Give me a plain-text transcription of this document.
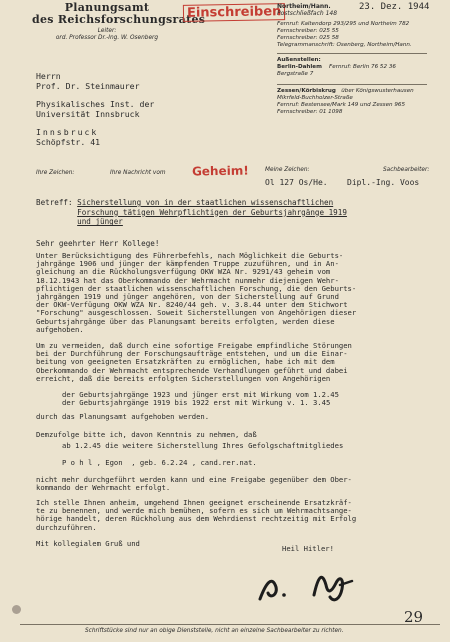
Planungsamt
des Reichsforschungsrates
Leiter:
ord. Professor Dr.-Ing. W. Osenberg
Einschreiben
Northeim/Hann.
Postschließfach 148
23. Dez. 1944
Fernruf: Kaltendorp 293/295 und Northeim 782
Fernschreiber: 025 55
Fernschreiber: 025 58
Telegrammanschrift: Osenberg, Northeim/Hann.
Außenstellen:
Berlin-Dahlem Fernruf: Berlin 76 52 36
Bergstraße 7
Zessen/Körbiskrug über Königswusterhausen
Mikrfeld-Buchholzer-Straße
Fernruf: Bestensee/Mark 149 und Zessen 965
Fernschreiber: 01 1098
Herrn
Prof. Dr. Steinmaurer
Physikalisches Inst. der
Universität Innsbruck
Innsbruck
Schöpfstr. 41
Ihre Zeichen:	Ihre Nachricht vom Geheim!	Meine Zeichen:	Sachbearbeiter:
Ol 127 Os/He. Dipl.-Ing. Voos
Betreff: Sicherstellung von in der staatlichen wissenschaftlichen
Forschung tätigen Wehrpflichtigen der Geburtsjahrgänge 1919
und jünger
Sehr geehrter Herr Kollege!
Unter Berücksichtigung des Führerbefehls, nach Möglichkeit die Geburts-
jahrgänge 1906 und jünger der kämpfenden Truppe zuzuführen, und in An-
gleichung an die Rückholungsverfügung OKW WZA Nr. 9291/43 geheim vom
18.12.1943 hat das Oberkommando der Wehrmacht nunmehr diejenigen Wehr-
pflichtigen der staatlichen wissenschaftlichen Forschung, die den Geburts-
jahrgängen 1919 und jünger angehören, von der Sicherstellung auf Grund
der OKW-Verfügung OKW WZA Nr. 8240/44 geh. v. 3.8.44 unter dem Stichwort
"Forschung" ausgeschlossen. Soweit Sicherstellungen von Angehörigen dieser
Geburtsjahrgänge über das Planungsamt bereits erfolgten, werden diese
aufgehoben.
Um zu vermeiden, daß durch eine sofortige Freigabe empfindliche Störungen
bei der Durchführung der Forschungsaufträge entstehen, und um die Einar-
beitung von geeigneten Ersatzkräften zu ermöglichen, habe ich mit dem
Oberkommando der Wehrmacht entsprechende Verhandlungen geführt und dabei
erreicht, daß die bereits erfolgten Sicherstellungen von Angehörigen
der Geburtsjahrgänge 1923 und jünger erst mit Wirkung vom 1.2.45
der Geburtsjahrgänge 1919 bis 1922 erst mit Wirkung v. 1. 3.45
durch das Planungsamt aufgehoben werden.
Demzufolge bitte ich, davon Kenntnis zu nehmen, daß
ab 1.2.45 die weitere Sicherstellung Ihres Gefolgschaftmitgliedes
P o h l , Egon  , geb. 6.2.24 , cand.rer.nat.
nicht mehr durchgeführt werden kann und eine Freigabe gegenüber dem Ober-
kommando der Wehrmacht erfolgt.
Ich stelle Ihnen anheim, umgehend Ihnen geeignet erscheinende Ersatzkräf-
te zu benennen, und werde mich bemühen, sofern es sich um Wehrmachtsange-
hörige handelt, deren Rückholung aus dem Wehrdienst rechtzeitig mit Erfolg
durchzuführen.
Mit kollegialem Gruß und
Heil Hitler!
29
Schriftstücke sind nur an obige Dienststelle, nicht an einzelne Sachbearbeiter zu richten.
